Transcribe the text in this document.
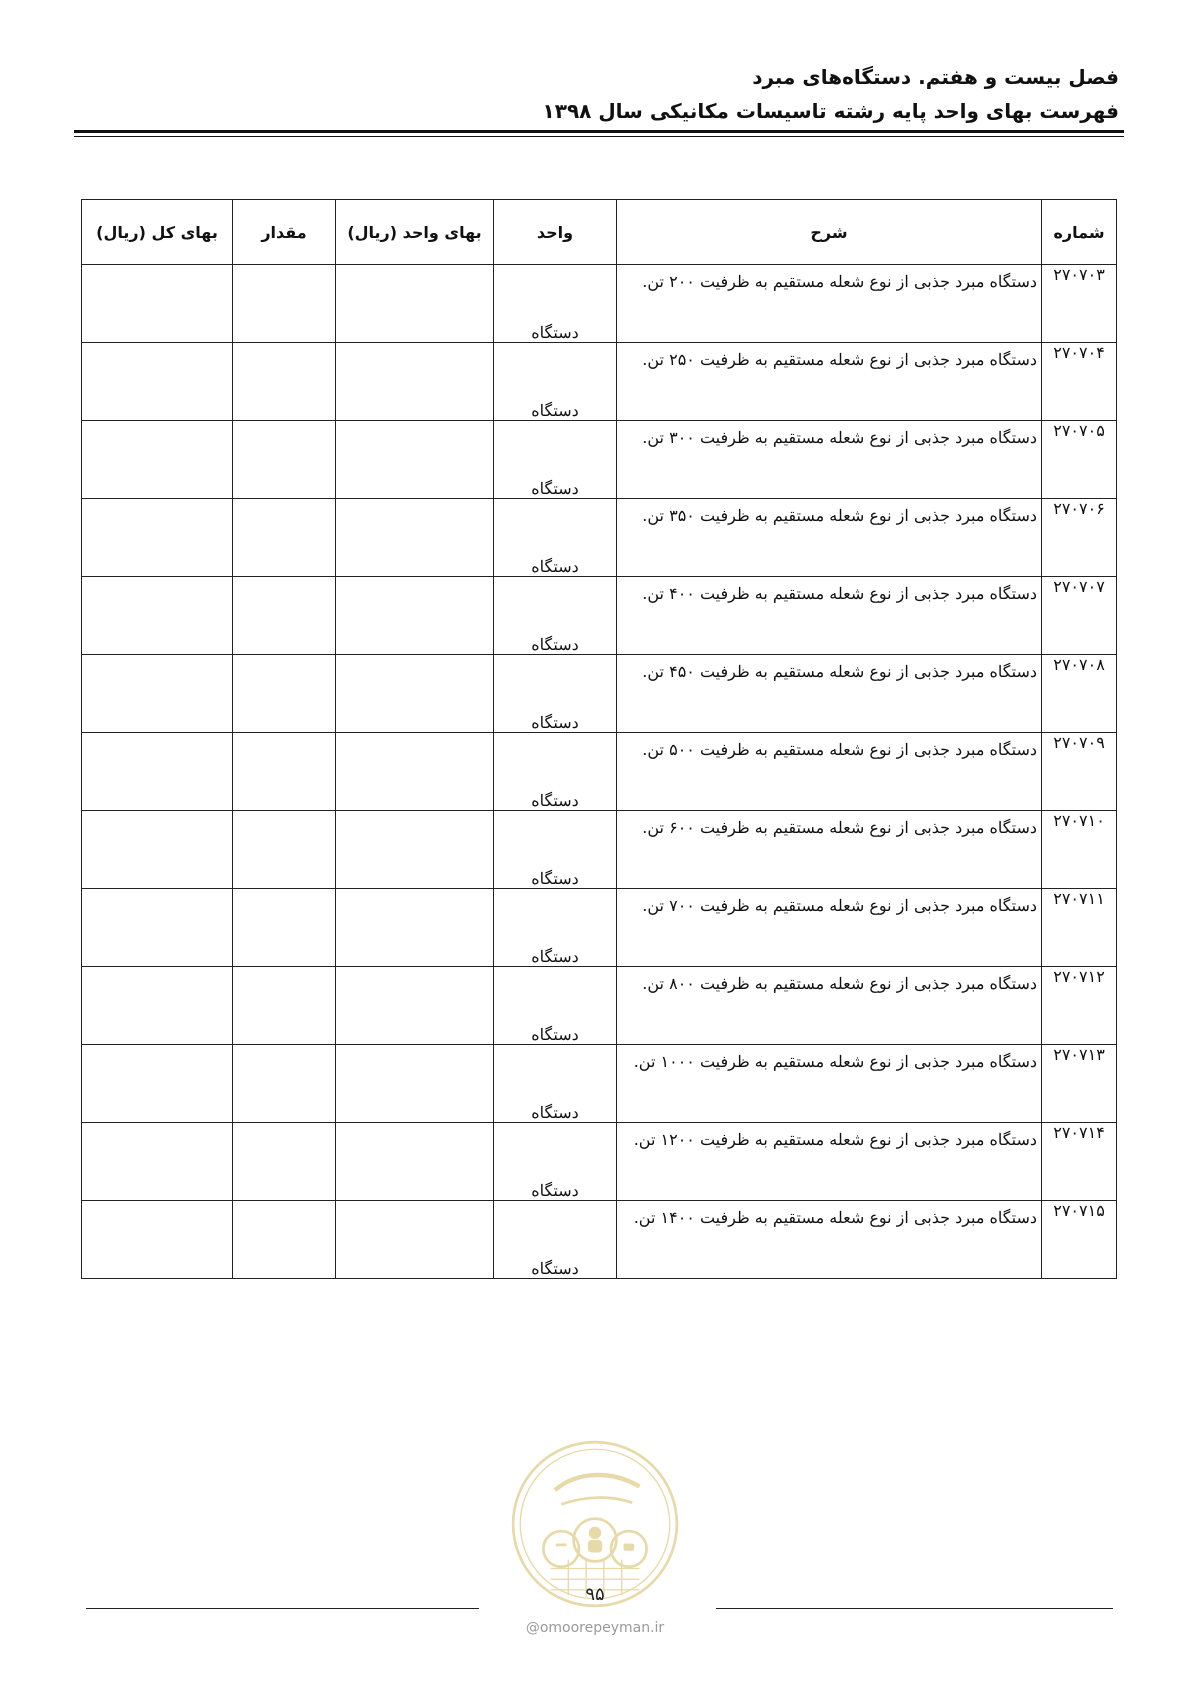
فصل بیست و هفتم. دستگاه‌های مبرد
فهرست بهای واحد پایه رشته تاسیسات مکانیکی سال ۱۳۹۸
شماره	شرح	واحد	بهای واحد (ریال)	مقدار	بهای کل (ریال)
۲۷۰۷۰۳	دستگاه مبرد جذبی از نوع شعله مستقیم به ظرفیت ۲۰۰ تن.	دستگاه			
۲۷۰۷۰۴	دستگاه مبرد جذبی از نوع شعله مستقیم به ظرفیت ۲۵۰ تن.	دستگاه			
۲۷۰۷۰۵	دستگاه مبرد جذبی از نوع شعله مستقیم به ظرفیت ۳۰۰ تن.	دستگاه			
۲۷۰۷۰۶	دستگاه مبرد جذبی از نوع شعله مستقیم به ظرفیت ۳۵۰ تن.	دستگاه			
۲۷۰۷۰۷	دستگاه مبرد جذبی از نوع شعله مستقیم به ظرفیت ۴۰۰ تن.	دستگاه			
۲۷۰۷۰۸	دستگاه مبرد جذبی از نوع شعله مستقیم به ظرفیت ۴۵۰ تن.	دستگاه			
۲۷۰۷۰۹	دستگاه مبرد جذبی از نوع شعله مستقیم به ظرفیت ۵۰۰ تن.	دستگاه			
۲۷۰۷۱۰	دستگاه مبرد جذبی از نوع شعله مستقیم به ظرفیت ۶۰۰ تن.	دستگاه			
۲۷۰۷۱۱	دستگاه مبرد جذبی از نوع شعله مستقیم به ظرفیت ۷۰۰ تن.	دستگاه			
۲۷۰۷۱۲	دستگاه مبرد جذبی از نوع شعله مستقیم به ظرفیت ۸۰۰ تن.	دستگاه			
۲۷۰۷۱۳	دستگاه مبرد جذبی از نوع شعله مستقیم به ظرفیت ۱۰۰۰ تن.	دستگاه			
۲۷۰۷۱۴	دستگاه مبرد جذبی از نوع شعله مستقیم به ظرفیت ۱۲۰۰ تن.	دستگاه			
۲۷۰۷۱۵	دستگاه مبرد جذبی از نوع شعله مستقیم به ظرفیت ۱۴۰۰ تن.	دستگاه			
۹۵
@omoorepeyman.ir
